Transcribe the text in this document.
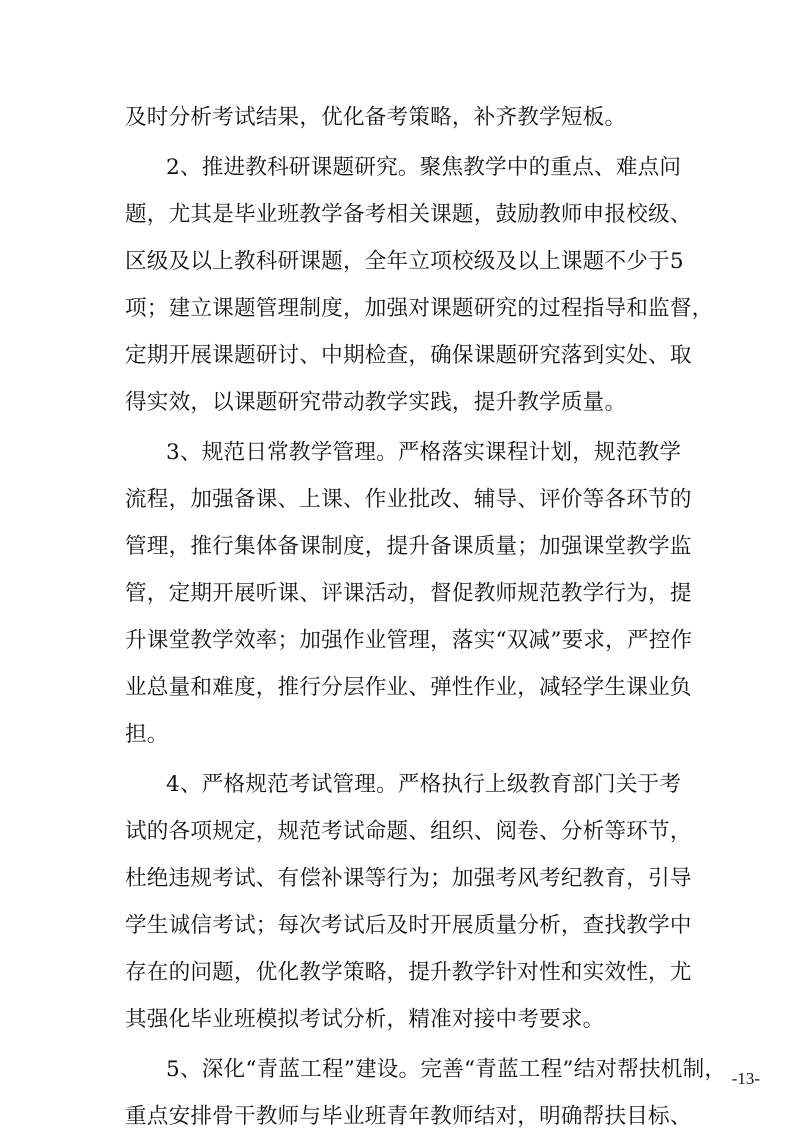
及时分析考试结果，优化备考策略，补齐教学短板。
2、推进教科研课题研究。聚焦教学中的重点、难点问
题，尤其是毕业班教学备考相关课题，鼓励教师申报校级、
区级及以上教科研课题，全年立项校级及以上课题不少于5
项；建立课题管理制度，加强对课题研究的过程指导和监督，
定期开展课题研讨、中期检查，确保课题研究落到实处、取
得实效，以课题研究带动教学实践，提升教学质量。
3、规范日常教学管理。严格落实课程计划，规范教学
流程，加强备课、上课、作业批改、辅导、评价等各环节的
管理，推行集体备课制度，提升备课质量；加强课堂教学监
管，定期开展听课、评课活动，督促教师规范教学行为，提
升课堂教学效率；加强作业管理，落实“双减”要求，严控作
业总量和难度，推行分层作业、弹性作业，减轻学生课业负
担。
4、严格规范考试管理。严格执行上级教育部门关于考
试的各项规定，规范考试命题、组织、阅卷、分析等环节，
杜绝违规考试、有偿补课等行为；加强考风考纪教育，引导
学生诚信考试；每次考试后及时开展质量分析，查找教学中
存在的问题，优化教学策略，提升教学针对性和实效性，尤
其强化毕业班模拟考试分析，精准对接中考要求。
5、深化“青蓝工程”建设。完善“青蓝工程”结对帮扶机制，
重点安排骨干教师与毕业班青年教师结对，明确帮扶目标、
-13-
